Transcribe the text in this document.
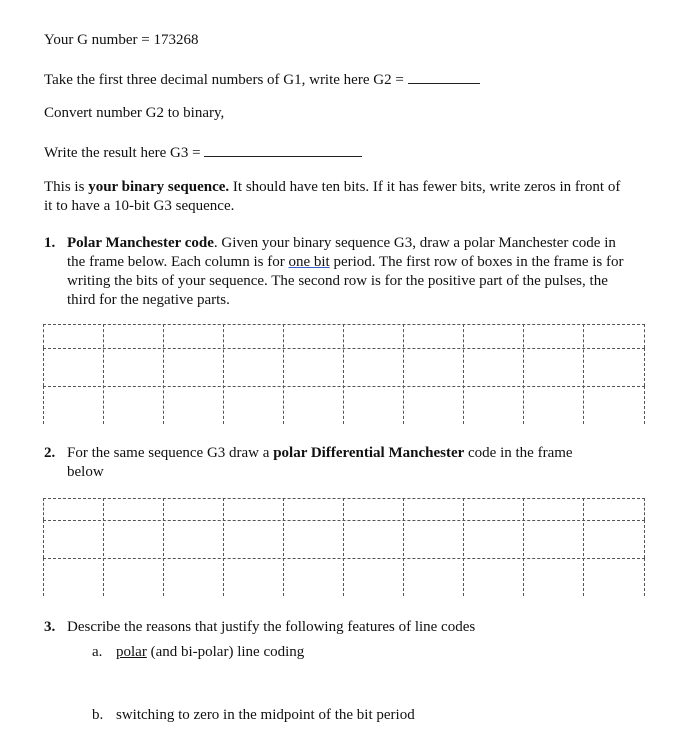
Your G number = 173268
Take the first three decimal numbers of G1, write here G2 =
Convert number G2 to binary,
Write the result here G3 =
This is your binary sequence. It should have ten bits. If it has fewer bits, write zeros in front of it to have a 10-bit G3 sequence.
1. Polar Manchester code. Given your binary sequence G3, draw a polar Manchester code in the frame below. Each column is for one bit period. The first row of boxes in the frame is for writing the bits of your sequence. The second row is for the positive part of the pulses, the third for the negative parts.
2. For the same sequence G3 draw a polar Differential Manchester code in the frame below
3. Describe the reasons that justify the following features of line codes
a. polar (and bi-polar) line coding
b. switching to zero in the midpoint of the bit period
